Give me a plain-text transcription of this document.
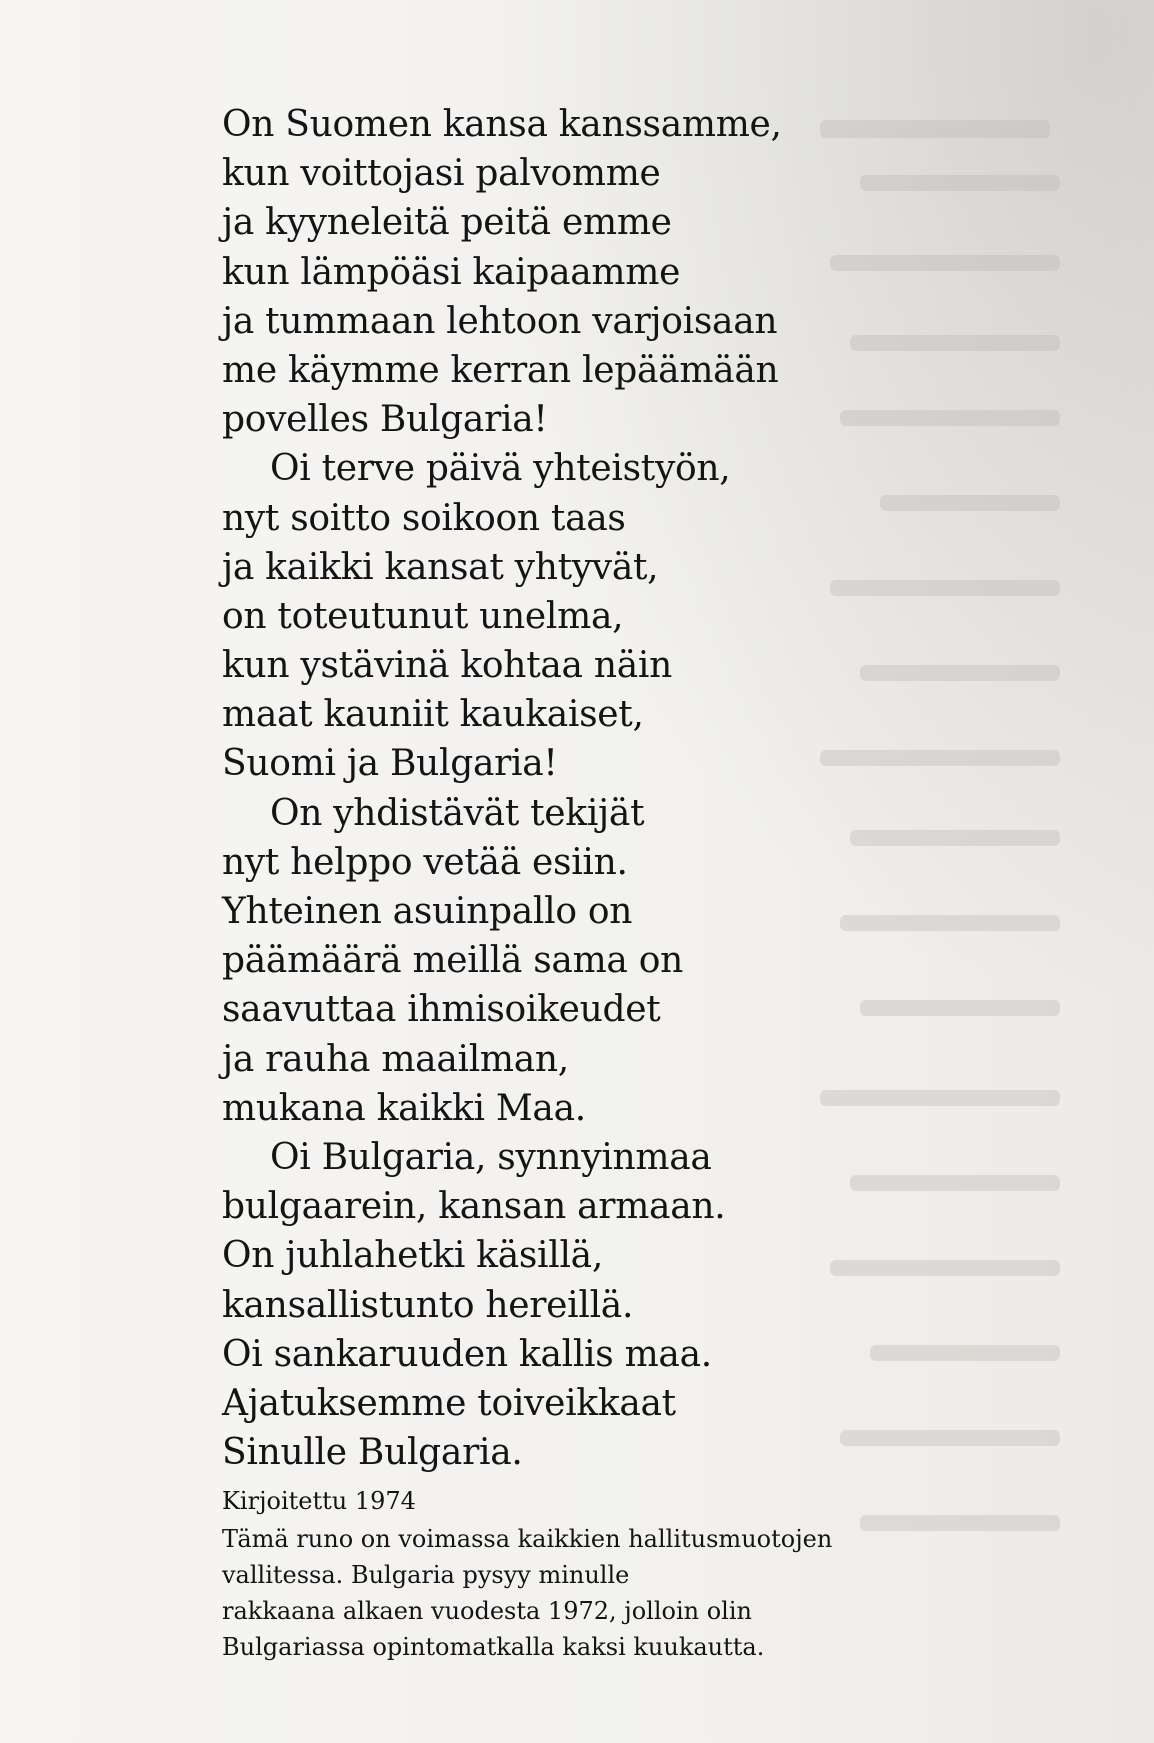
On Suomen kansa kanssamme,
kun voittojasi palvomme
ja kyyneleitä peitä emme
kun lämpöäsi kaipaamme
ja tummaan lehtoon varjoisaan
me käymme kerran lepäämään
povelles Bulgaria!
Oi terve päivä yhteistyön,
nyt soitto soikoon taas
ja kaikki kansat yhtyvät,
on toteutunut unelma,
kun ystävinä kohtaa näin
maat kauniit kaukaiset,
Suomi ja Bulgaria!
On yhdistävät tekijät
nyt helppo vetää esiin.
Yhteinen asuinpallo on
päämäärä meillä sama on
saavuttaa ihmisoikeudet
ja rauha maailman,
mukana kaikki Maa.
Oi Bulgaria, synnyinmaa
bulgaarein, kansan armaan.
On juhlahetki käsillä,
kansallistunto hereillä.
Oi sankaruuden kallis maa.
Ajatuksemme toiveikkaat
Sinulle Bulgaria.
Kirjoitettu 1974
Tämä runo on voimassa kaikkien hallitusmuotojen
vallitessa. Bulgaria pysyy minulle
rakkaana alkaen vuodesta 1972, jolloin olin
Bulgariassa opintomatkalla kaksi kuukautta.
